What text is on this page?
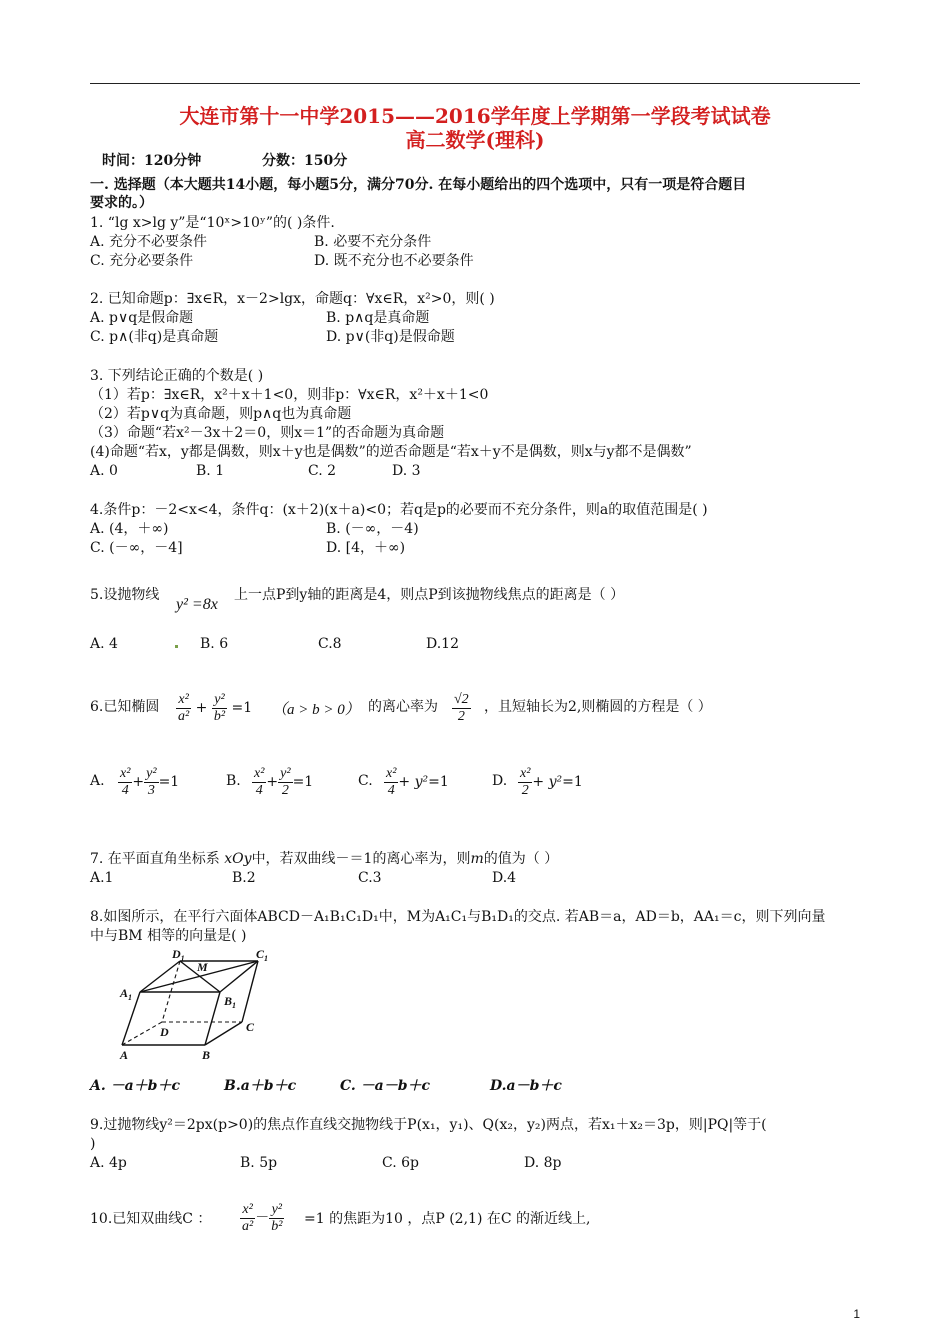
大连市第十一中学2015——2016学年度上学期第一学段考试试卷
高二数学(理科)
时间：120分钟	分数：150分
一. 选择题（本大题共14小题，每小题5分，满分70分. 在每小题给出的四个选项中，只有一项是符合题目
要求的。）
1. “lg x>lg y”是“10ˣ>10ʸ”的( )条件.
A. 充分不必要条件	B. 必要不充分条件
C. 充分必要条件	D. 既不充分也不必要条件
2. 已知命题p：∃x∈R，x－2>lgx，命题q：∀x∈R，x²>0，则( )
A. p∨q是假命题	B. p∧q是真命题
C. p∧(非q)是真命题	D. p∨(非q)是假命题
3. 下列结论正确的个数是( )
（1）若p：∃x∈R，x²＋x＋1<0，则非p：∀x∈R，x²＋x＋1<0
（2）若p∨q为真命题，则p∧q也为真命题
（3）命题“若x²－3x＋2＝0，则x＝1”的否命题为真命题
(4)命题“若x，y都是偶数，则x＋y也是偶数”的逆否命题是“若x＋y不是偶数，则x与y都不是偶数”
A. 0	B. 1	C. 2	D. 3
4.条件p：－2<x<4，条件q：(x＋2)(x＋a)<0；若q是p的必要而不充分条件，则a的取值范围是( )
A. (4，＋∞)	B. (－∞，－4)
C. (－∞，－4]	D. [4，＋∞)
5.设抛物线
y² =8x
上一点P到y轴的距离是4，则点P到该抛物线焦点的距离是（ ）
A. 4	B. 6	C.8	D.12
6.已知椭圆 $\frac{\text{x²}}{\text{a²}} + \frac{\text{y²}}{\text{b²}} =1$ （a > b > 0） 的离心率为 $\frac{√2}{2}$ ，且短轴长为2,则椭圆的方程是（ ）
A. $\frac{\text{x²}}{4} + \frac{\text{y²}}{3} =1$	B. $\frac{\text{x²}}{4} + \frac{\text{y²}}{2} =1$	C. $\frac{\text{x²}}{4} + y^2=1$	D. $\frac{\text{x²}}{2} + y^2=1$
7. 在平面直角坐标系 xOy中，若双曲线－＝1的离心率为，则m的值为（ ）
A.1	B.2	C.3	D.4
8.如图所示，在平行六面体ABCD－A₁B₁C₁D₁中，M为A₁C₁与B₁D₁的交点. 若AB＝a，AD＝b，AA₁＝c，则下列向量
中与BM 相等的向量是( )
$D_1$
M
$C_1$
$A_1$	$B_1$
D	C
A	B
A. －a＋b＋c	B.a＋b＋c	C. －a－b＋c	D.a－b＋c
9.过抛物线y²＝2px(p>0)的焦点作直线交抛物线于P(x₁，y₁)、Q(x₂，y₂)两点，若x₁＋x₂＝3p，则|PQ|等于(
)
A. 4p	B. 5p	C. 6p	D. 8p
10.已知双曲线C ： $\frac{\text{x²}}{\text{a²}} - \frac{\text{y²}}{\text{b²}} =1$ 的焦距为10 ，点P (2,1) 在C 的渐近线上,
1
